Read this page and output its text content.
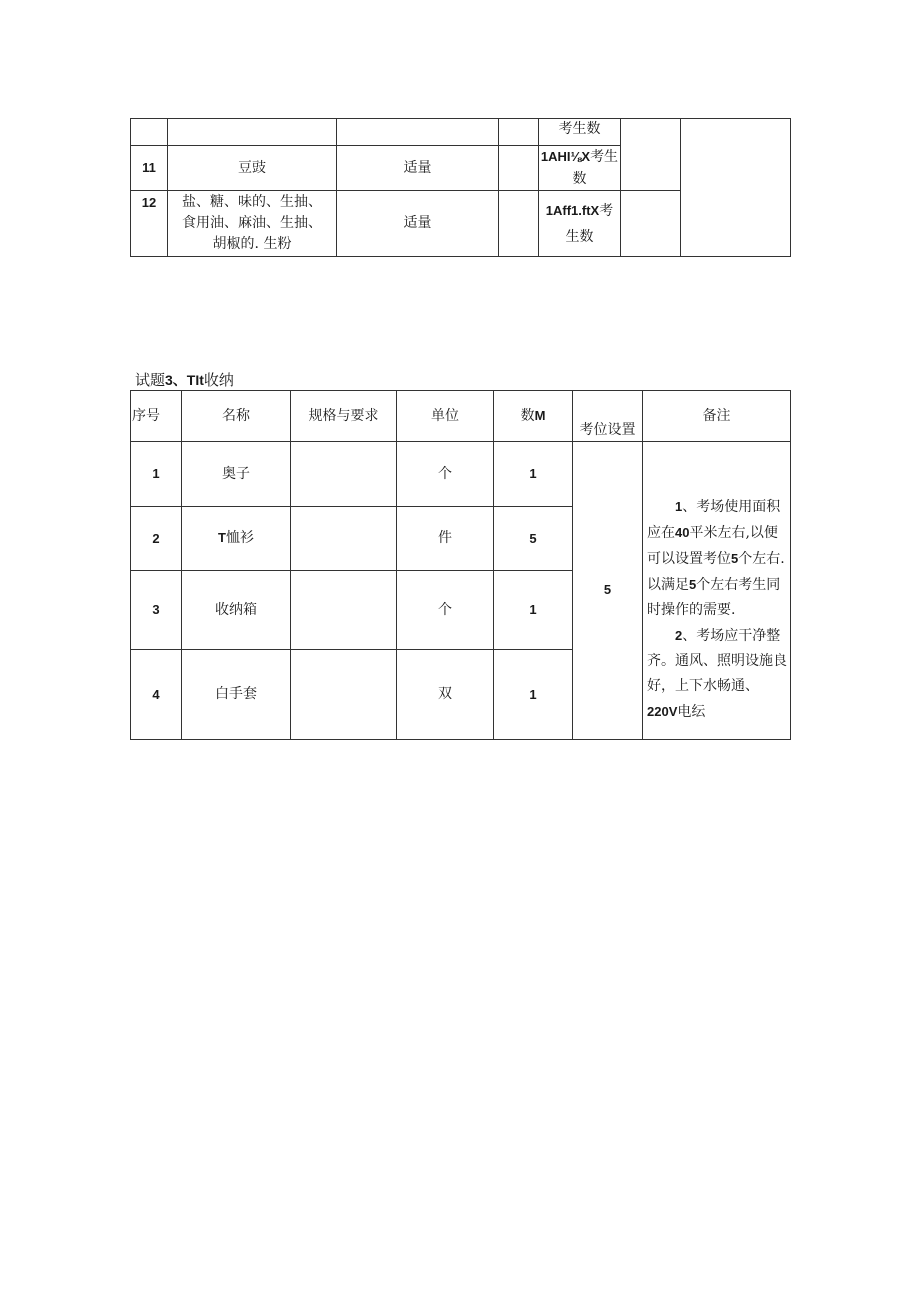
				考生数		
11	豆豉	适量		1AHI⅛X考生数		
12	盐、糖、味的、生抽、
食用油、麻油、生抽、
胡椒的. 生粉	适量		1Aff1.ftX考生数		
试题3、TIt收纳
序号	名称	规格与要求	单位	数M	考位设置	备注
1	奥子		个	1	5	1、考场使用面积应在40平米左右,以便可以设置考位5个左右. 以满足5个左右考生同时操作的需要.

2、考场应干净整齐。通风、照明设施良好，上下水畅通、220V电纭

2	T恤衫		件	5		
3	收纳箱		个	1		
4	白手套		双	1		
